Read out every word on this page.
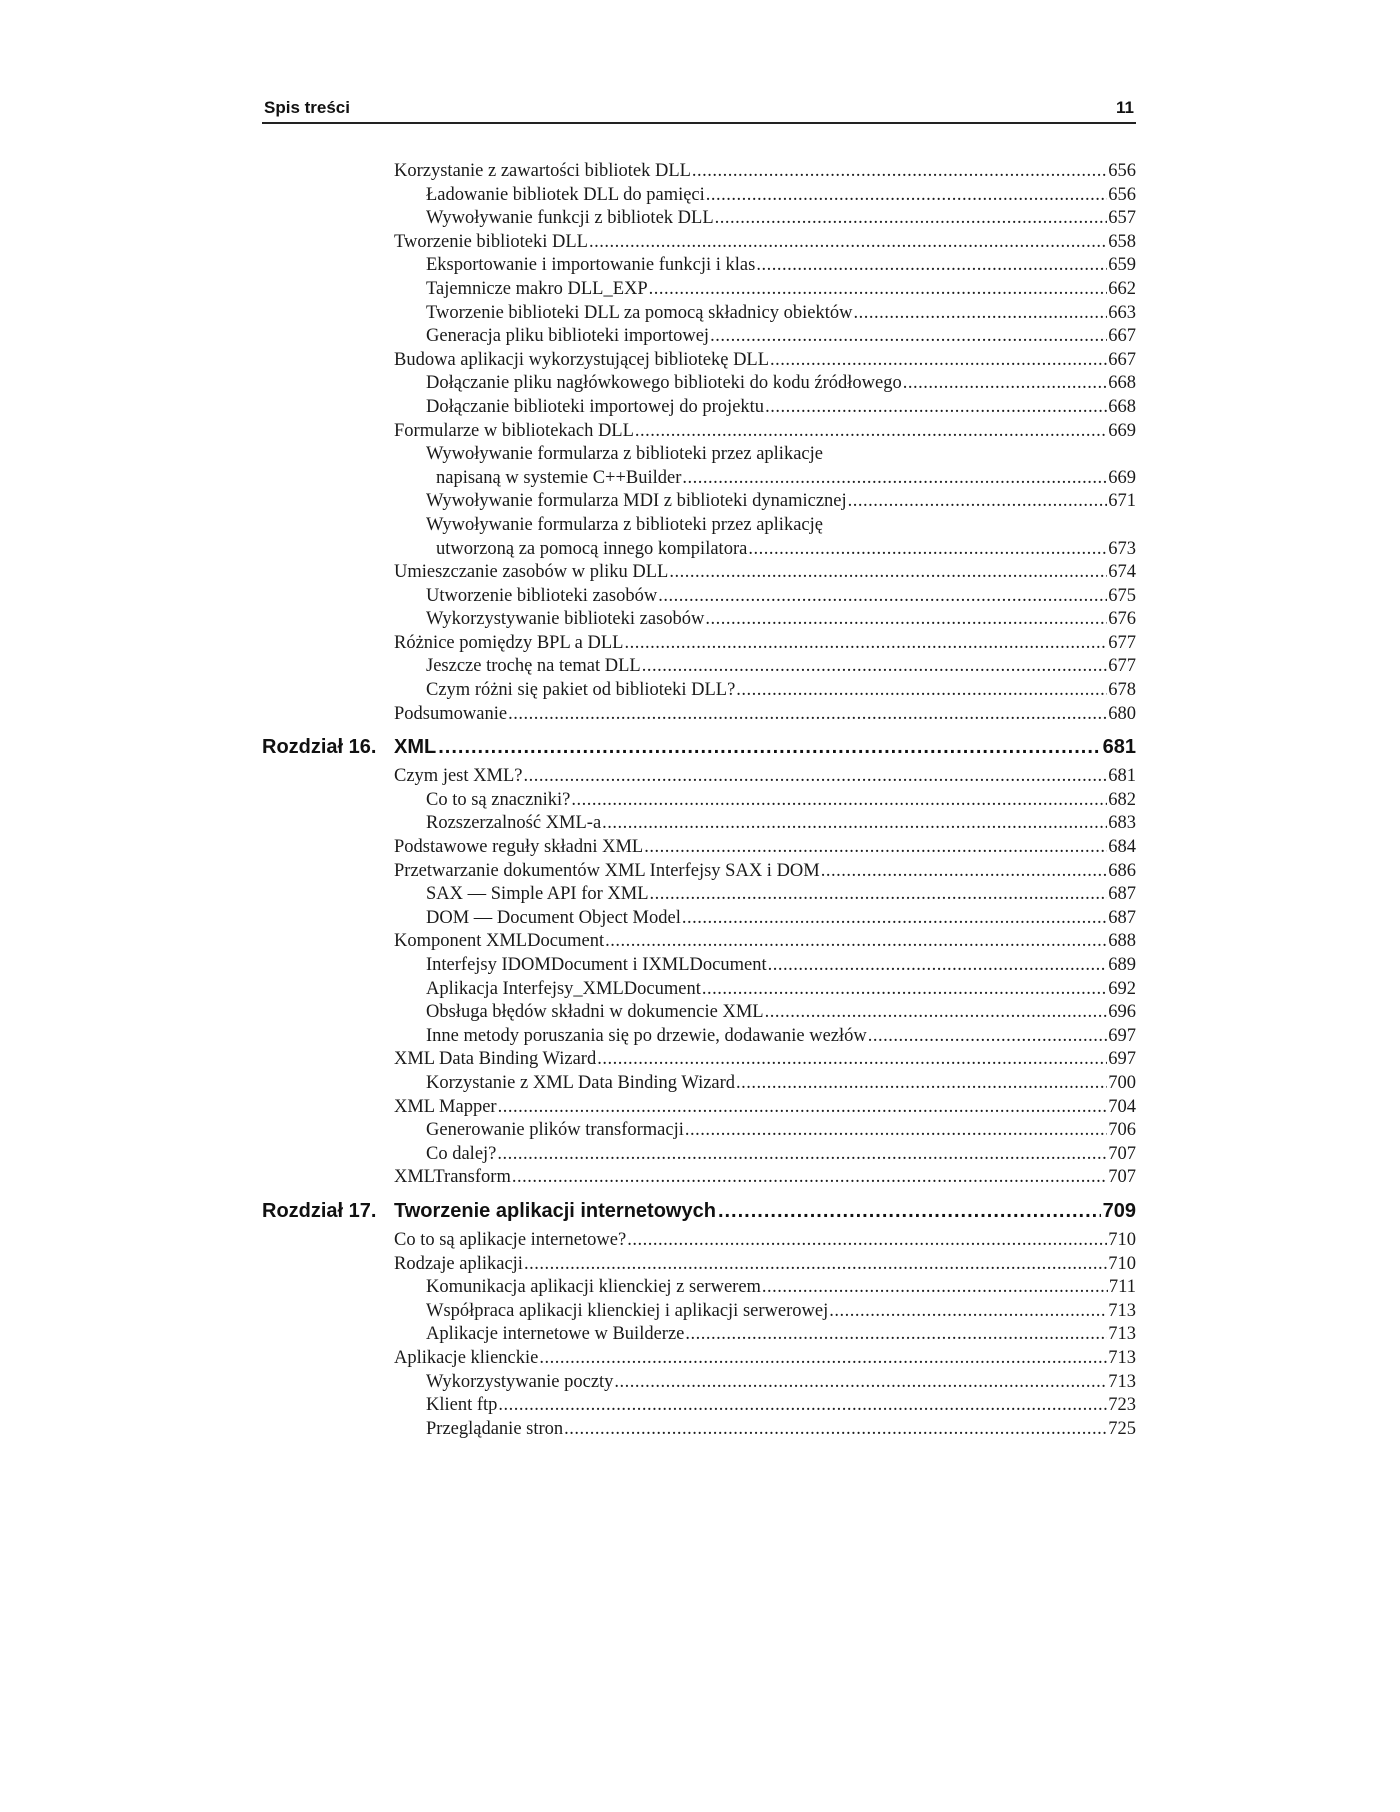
Spis treści	11
Korzystanie z zawartości bibliotek DLL .....	656
Ładowanie bibliotek DLL do pamięci .....	656
Wywoływanie funkcji z bibliotek DLL .....	657
Tworzenie biblioteki DLL .....	658
Eksportowanie i importowanie funkcji i klas .....	659
Tajemnicze makro DLL_EXP .....	662
Tworzenie biblioteki DLL za pomocą składnicy obiektów .....	663
Generacja pliku biblioteki importowej .....	667
Budowa aplikacji wykorzystującej bibliotekę DLL .....	667
Dołączanie pliku nagłówkowego biblioteki do kodu źródłowego .....	668
Dołączanie biblioteki importowej do projektu .....	668
Formularze w bibliotekach DLL .....	669
Wywoływanie formularza z biblioteki przez aplikacje
napisaną w systemie C++Builder .....	669
Wywoływanie formularza MDI z biblioteki dynamicznej .....	671
Wywoływanie formularza z biblioteki przez aplikację
utworzoną za pomocą innego kompilatora .....	673
Umieszczanie zasobów w pliku DLL .....	674
Utworzenie biblioteki zasobów .....	675
Wykorzystywanie biblioteki zasobów .....	676
Różnice pomiędzy BPL a DLL .....	677
Jeszcze trochę na temat DLL .....	677
Czym różni się pakiet od biblioteki DLL? .....	678
Podsumowanie .....	680
Rozdział 16. XML .....	681
Czym jest XML? .....	681
Co to są znaczniki? .....	682
Rozszerzalność XML-a .....	683
Podstawowe reguły składni XML .....	684
Przetwarzanie dokumentów XML Interfejsy SAX i DOM .....	686
SAX — Simple API for XML .....	687
DOM — Document Object Model .....	687
Komponent XMLDocument .....	688
Interfejsy IDOMDocument i IXMLDocument .....	689
Aplikacja Interfejsy_XMLDocument .....	692
Obsługa błędów składni w dokumencie XML .....	696
Inne metody poruszania się po drzewie, dodawanie wezłów .....	697
XML Data Binding Wizard .....	697
Korzystanie z XML Data Binding Wizard .....	700
XML Mapper .....	704
Generowanie plików transformacji .....	706
Co dalej? .....	707
XMLTransform .....	707
Rozdział 17. Tworzenie aplikacji internetowych .....	709
Co to są aplikacje internetowe? .....	710
Rodzaje aplikacji .....	710
Komunikacja aplikacji klienckiej z serwerem .....	711
Współpraca aplikacji klienckiej i aplikacji serwerowej .....	713
Aplikacje internetowe w Builderze .....	713
Aplikacje klienckie .....	713
Wykorzystywanie poczty .....	713
Klient ftp .....	723
Przeglądanie stron .....	725
